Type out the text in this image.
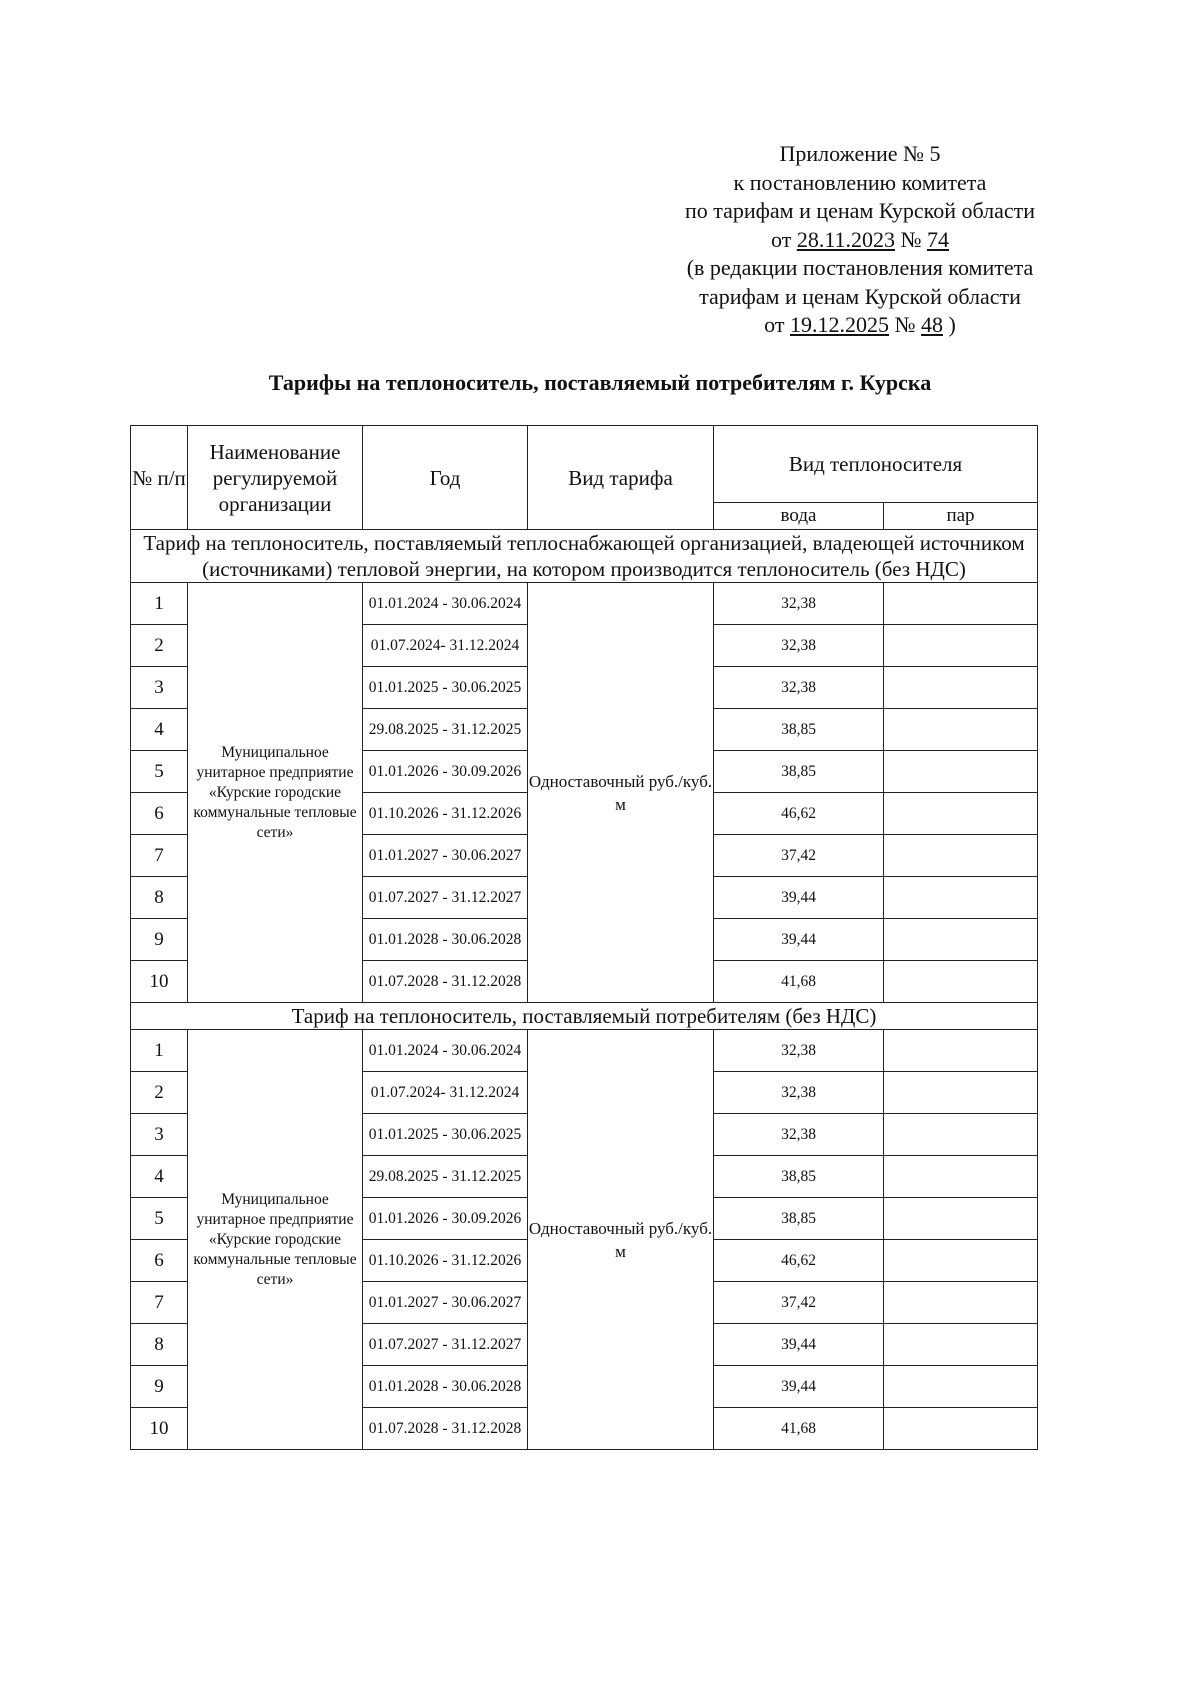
Приложение № 5
к постановлению комитета
по тарифам и ценам Курской области
от 28.11.2023 № 74
(в редакции постановления комитета
тарифам и ценам Курской области
от 19.12.2025 № 48 )
Тарифы на теплоноситель, поставляемый потребителям г. Курска
№ п/п	Наименование регулируемой организации	Год	Вид тарифа	Вид теплоносителя	
				вода	пар
Тариф на теплоноситель, поставляемый теплоснабжающей организацией, владеющей источником (источниками) тепловой энергии, на котором производится теплоноситель (без НДС)					
1	Муниципальное унитарное предприятие «Курские городские коммунальные тепловые сети»	01.01.2024 - 30.06.2024	Одноставочный руб./куб. м	32,38	
2		01.07.2024- 31.12.2024		32,38	
3		01.01.2025 - 30.06.2025		32,38	
4		29.08.2025 - 31.12.2025		38,85	
5		01.01.2026 - 30.09.2026		38,85	
6		01.10.2026 - 31.12.2026		46,62	
7		01.01.2027 - 30.06.2027		37,42	
8		01.07.2027 - 31.12.2027		39,44	
9		01.01.2028 - 30.06.2028		39,44	
10		01.07.2028 - 31.12.2028		41,68	
Тариф на теплоноситель, поставляемый потребителям (без НДС)					
1	Муниципальное унитарное предприятие «Курские городские коммунальные тепловые сети»	01.01.2024 - 30.06.2024	Одноставочный руб./куб. м	32,38	
2		01.07.2024- 31.12.2024		32,38	
3		01.01.2025 - 30.06.2025		32,38	
4		29.08.2025 - 31.12.2025		38,85	
5		01.01.2026 - 30.09.2026		38,85	
6		01.10.2026 - 31.12.2026		46,62	
7		01.01.2027 - 30.06.2027		37,42	
8		01.07.2027 - 31.12.2027		39,44	
9		01.01.2028 - 30.06.2028		39,44	
10		01.07.2028 - 31.12.2028		41,68	
